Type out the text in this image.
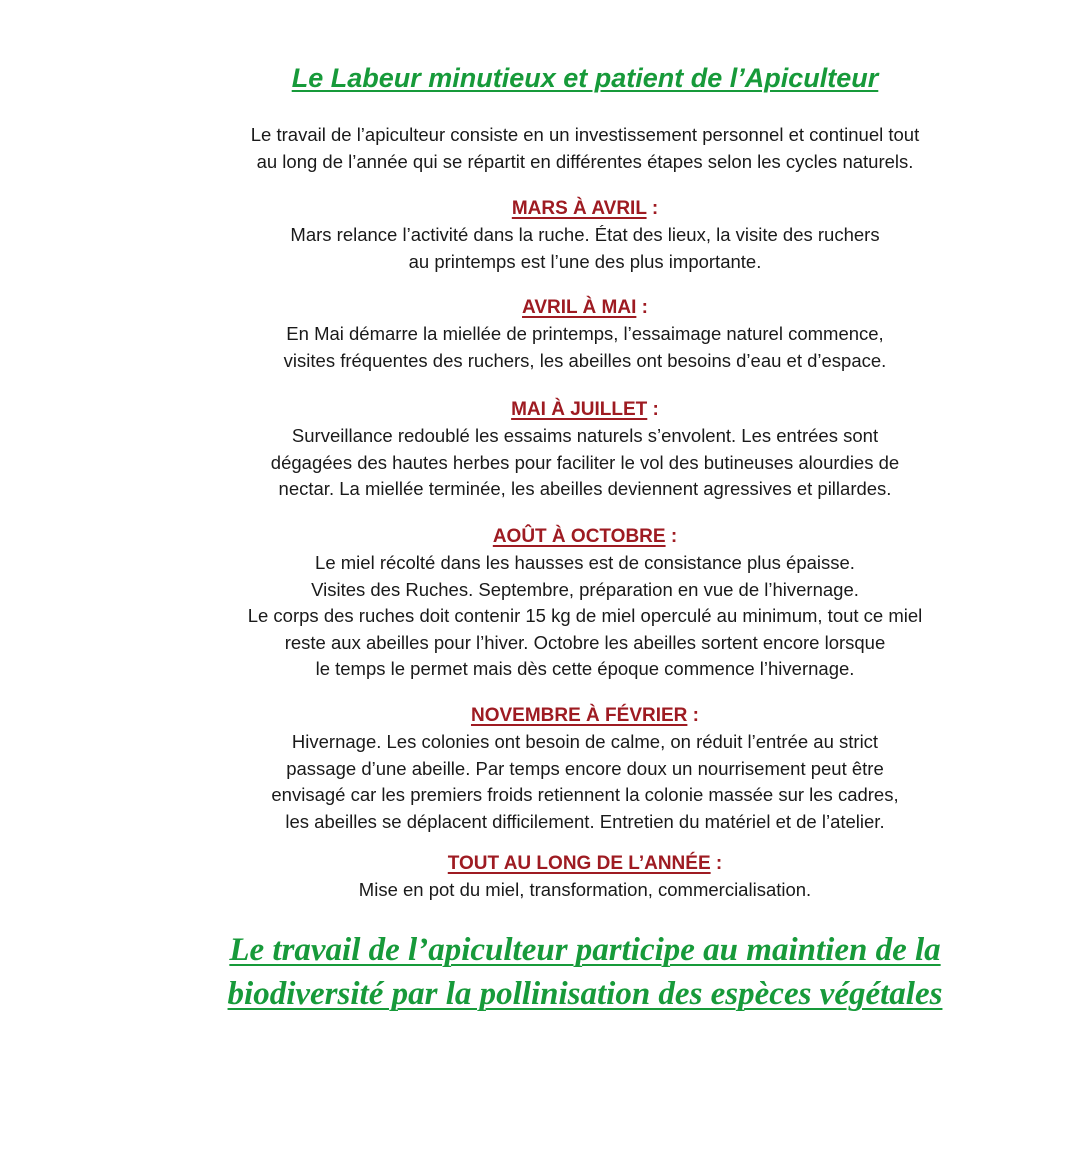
Le Labeur minutieux et patient de l’Apiculteur

Le travail de l’apiculteur consiste en un investissement personnel et continuel tout
au long de l’année qui se répartit en différentes étapes selon les cycles naturels.

MARS À AVRIL :

Mars relance l’activité dans la ruche. État des lieux, la visite des ruchers
au printemps est l’une des plus importante.

AVRIL À MAI :

En Mai démarre la miellée de printemps, l’essaimage naturel commence,
visites fréquentes des ruchers, les abeilles ont besoins d’eau et d’espace.

MAI À JUILLET :

Surveillance redoublé les essaims naturels s’envolent. Les entrées sont
dégagées des hautes herbes pour faciliter le vol des butineuses alourdies de
nectar. La miellée terminée, les abeilles deviennent agressives et pillardes.

AOÛT À OCTOBRE :

Le miel récolté dans les hausses est de consistance plus épaisse.
Visites des Ruches. Septembre, préparation en vue de l’hivernage.
Le corps des ruches doit contenir 15 kg de miel operculé au minimum, tout ce miel
reste aux abeilles pour l’hiver. Octobre les abeilles sortent encore lorsque
le temps le permet mais dès cette époque commence l’hivernage.

NOVEMBRE À FÉVRIER :

Hivernage. Les colonies ont besoin de calme, on réduit l’entrée au strict
passage d’une abeille. Par temps encore doux un nourrisement peut être
envisagé car les premiers froids retiennent la colonie massée sur les cadres,
les abeilles se déplacent difficilement. Entretien du matériel et de l’atelier.

TOUT AU LONG DE L’ANNÉE :

Mise en pot du miel, transformation, commercialisation.

Le travail de l’apiculteur participe au maintien de la
biodiversité par la pollinisation des espèces végétales
